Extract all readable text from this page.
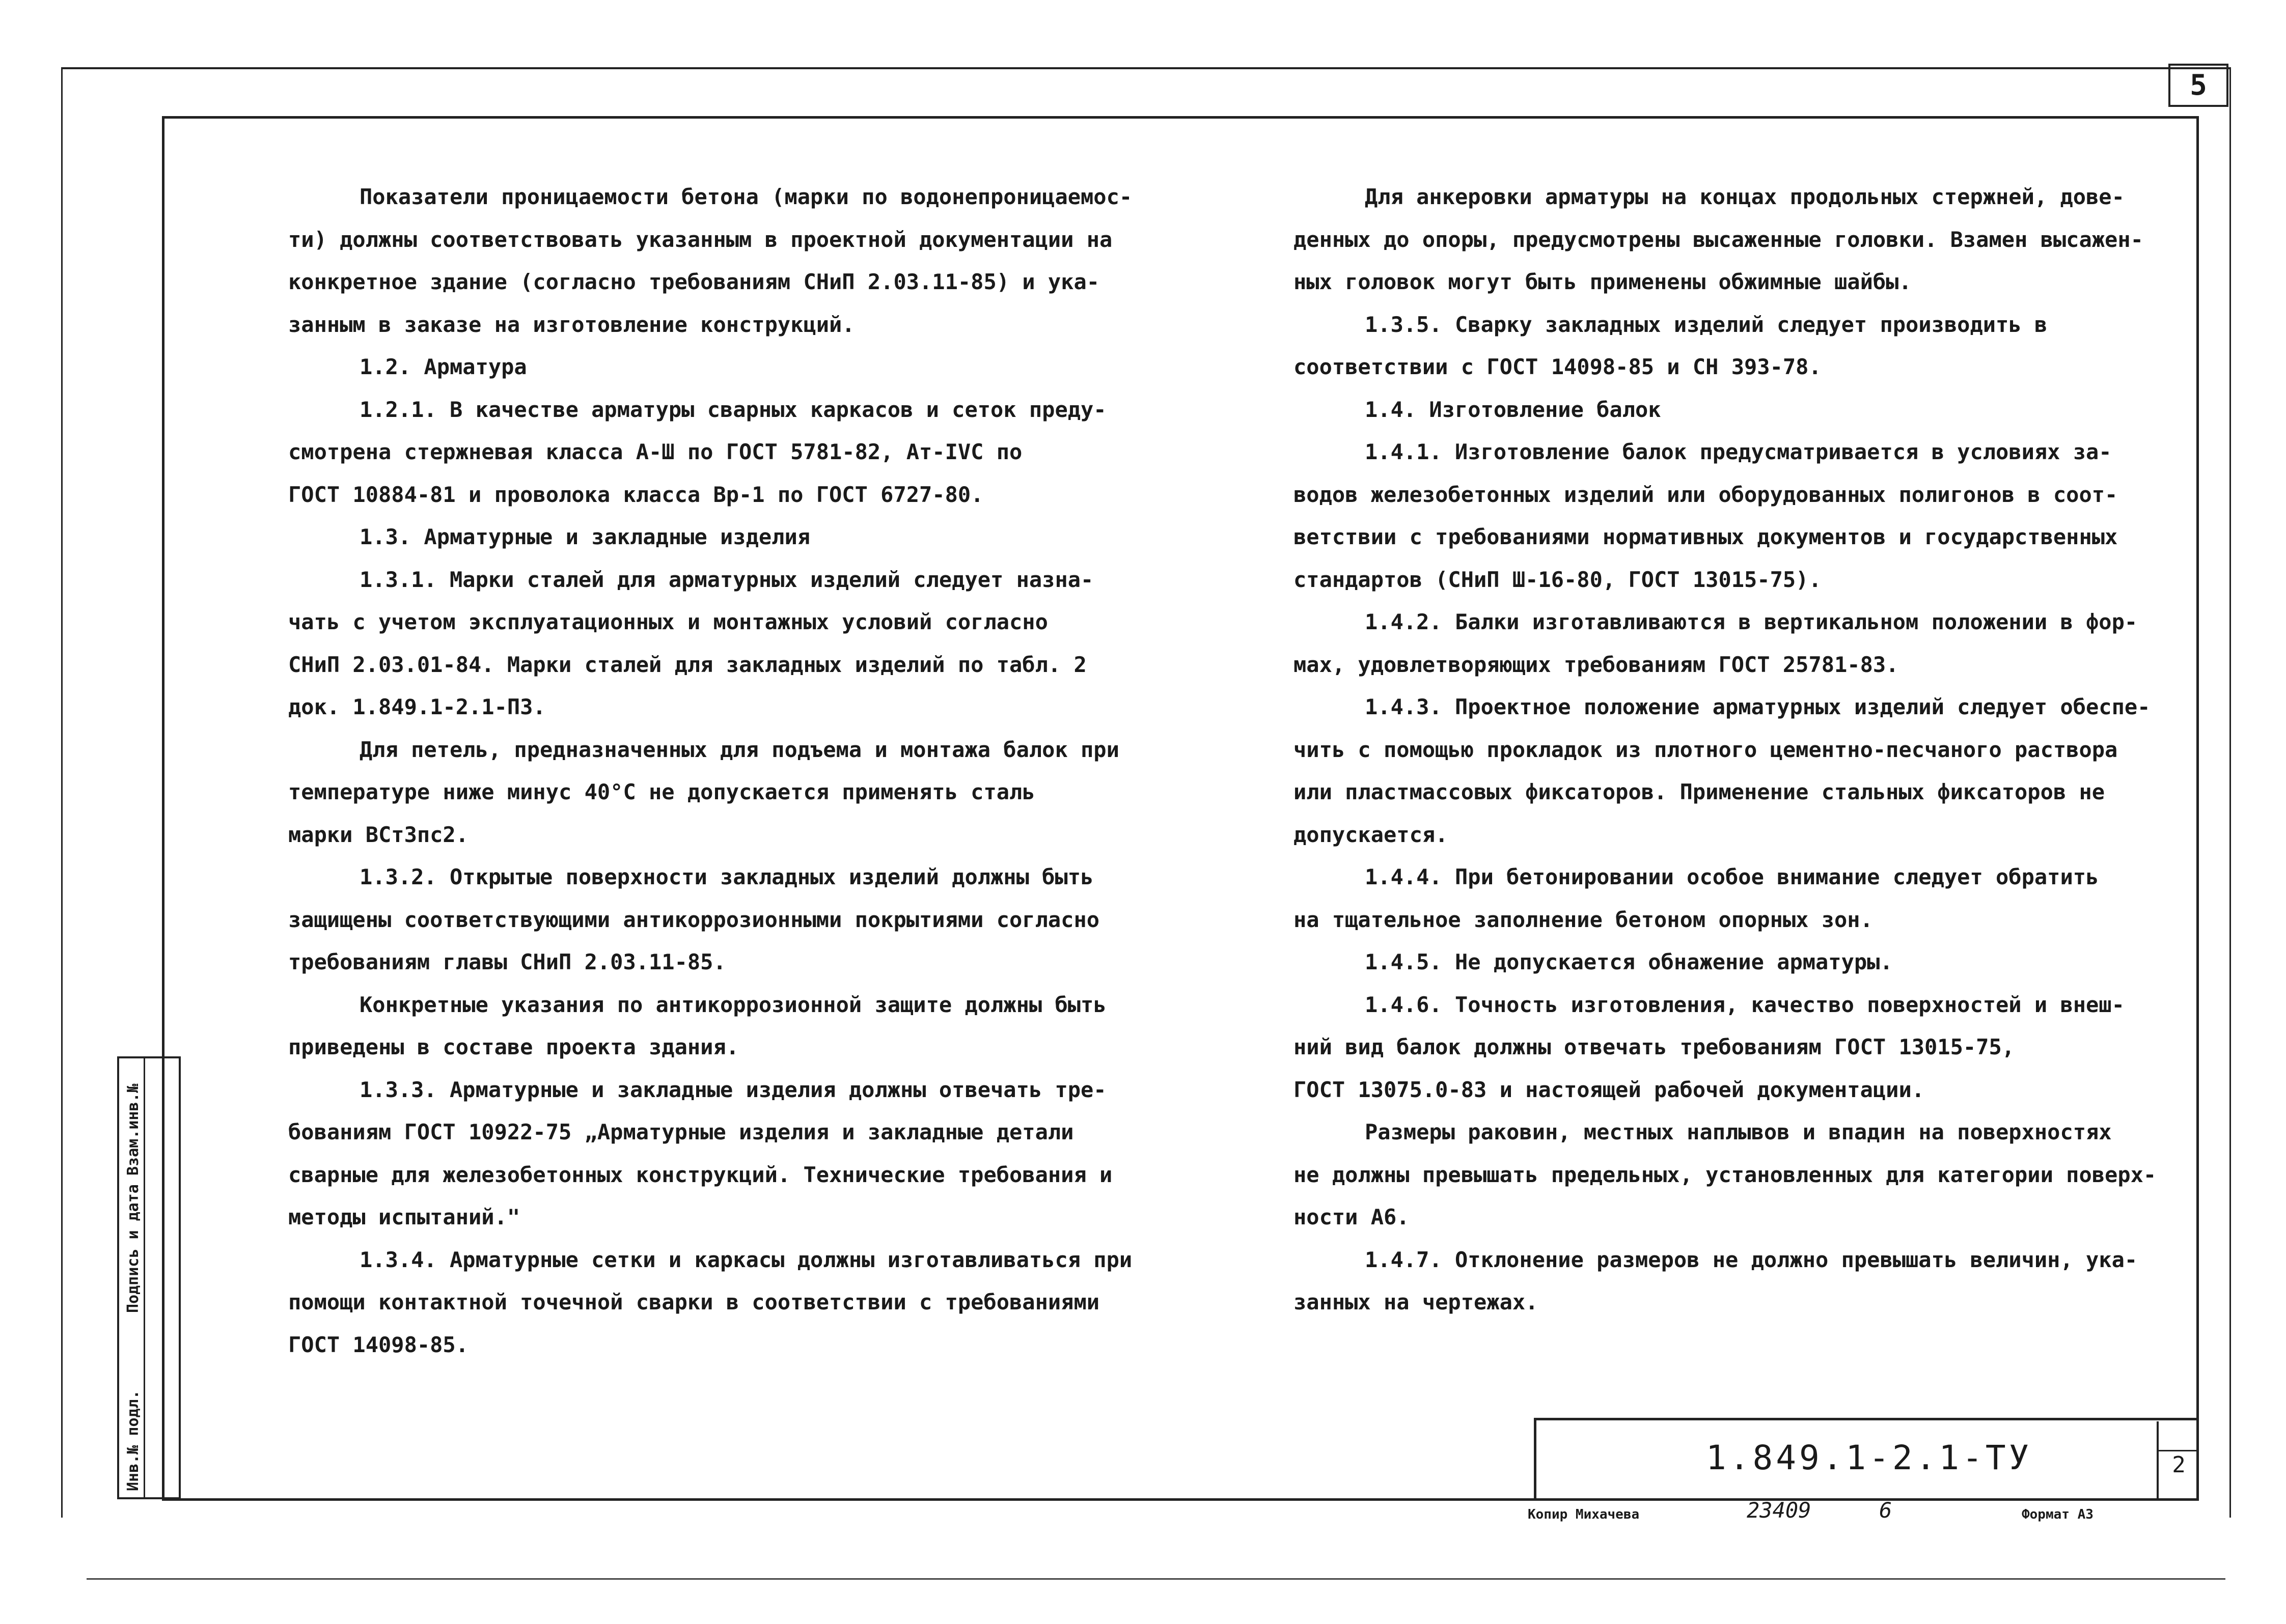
5

Показатели проницаемости бетона (марки по водонепроницаемос-

ти) должны соответствовать указанным в проектной документации на

конкретное здание (согласно требованиям СНиП 2.03.11-85) и ука-

занным в заказе на изготовление конструкций.

1.2. Арматура

1.2.1. В качестве арматуры сварных каркасов и сеток преду-

смотрена стержневая класса А-Ш по ГОСТ 5781-82, Ат-IVС по

ГОСТ 10884-81 и проволока класса Вр-1 по ГОСТ 6727-80.

1.3. Арматурные и закладные изделия

1.3.1. Марки сталей для арматурных изделий следует назна-

чать с учетом эксплуатационных и монтажных условий согласно

СНиП 2.03.01-84. Марки сталей для закладных изделий по табл. 2

док. 1.849.1-2.1-ПЗ.

Для петель, предназначенных для подъема и монтажа балок при

температуре ниже минус 40°С не допускается применять сталь

марки ВСт3пс2.

1.3.2. Открытые поверхности закладных изделий должны быть

защищены соответствующими антикоррозионными покрытиями согласно

требованиям главы СНиП 2.03.11-85.

Конкретные указания по антикоррозионной защите должны быть

приведены в составе проекта здания.

1.3.3. Арматурные и закладные изделия должны отвечать тре-

бованиям ГОСТ 10922-75 „Арматурные изделия и закладные детали

сварные для железобетонных конструкций. Технические требования и

методы испытаний."

1.3.4. Арматурные сетки и каркасы должны изготавливаться при

помощи контактной точечной сварки в соответствии с требованиями

ГОСТ 14098-85.

Для анкеровки арматуры на концах продольных стержней, дове-

денных до опоры, предусмотрены высаженные головки. Взамен высажен-

ных головок могут быть применены обжимные шайбы.

1.3.5. Сварку закладных изделий следует производить в

соответствии с ГОСТ 14098-85 и СН 393-78.

1.4. Изготовление балок

1.4.1. Изготовление балок предусматривается в условиях за-

водов железобетонных изделий или оборудованных полигонов в соот-

ветствии с требованиями нормативных документов и государственных

стандартов (СНиП Ш-16-80, ГОСТ 13015-75).

1.4.2. Балки изготавливаются в вертикальном положении в фор-

мах, удовлетворяющих требованиям ГОСТ 25781-83.

1.4.3. Проектное положение арматурных изделий следует обеспе-

чить с помощью прокладок из плотного цементно-песчаного раствора

или пластмассовых фиксаторов. Применение стальных фиксаторов не

допускается.

1.4.4. При бетонировании особое внимание следует обратить

на тщательное заполнение бетоном опорных зон.

1.4.5. Не допускается обнажение арматуры.

1.4.6. Точность изготовления, качество поверхностей и внеш-

ний вид балок должны отвечать требованиям ГОСТ 13015-75,

ГОСТ 13075.0-83 и настоящей рабочей документации.

Размеры раковин, местных наплывов и впадин на поверхностях

не должны превышать предельных, установленных для категории поверх-

ности А6.

1.4.7. Отклонение размеров не должно превышать величин, ука-

занных на чертежах.

1.849.1-2.1-ТУ	2
Инв.№ подл.
Подпись и дата
Взам.инв.№
Копир Михачева	23409	6	Формат А3
